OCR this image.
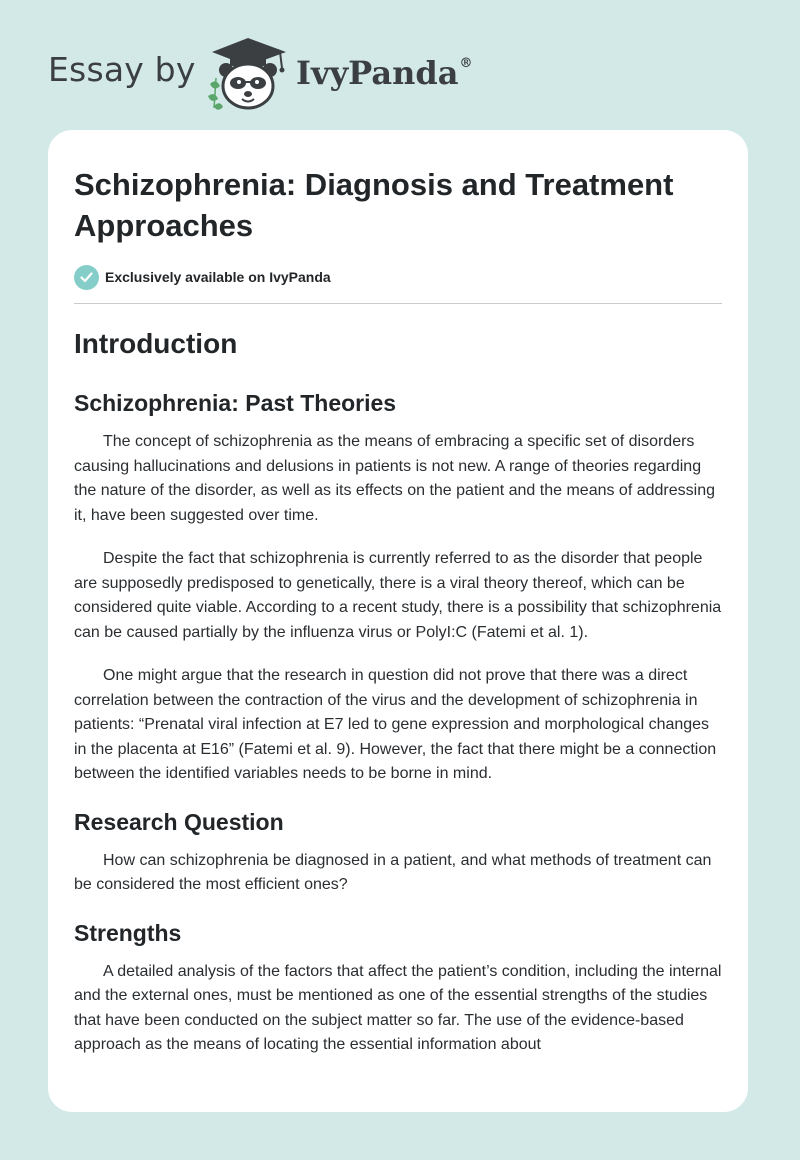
Essay by	IvyPanda®
Schizophrenia: Diagnosis and Treatment Approaches
Exclusively available on IvyPanda
Introduction
Schizophrenia: Past Theories

The concept of schizophrenia as the means of embracing a specific set of disorders causing hallucinations and delusions in patients is not new. A range of theories regarding the nature of the disorder, as well as its effects on the patient and the means of addressing it, have been suggested over time.

Despite the fact that schizophrenia is currently referred to as the disorder that people are supposedly predisposed to genetically, there is a viral theory thereof, which can be considered quite viable. According to a recent study, there is a possibility that schizophrenia can be caused partially by the influenza virus or PolyI:C (Fatemi et al. 1).

One might argue that the research in question did not prove that there was a direct correlation between the contraction of the virus and the development of schizophrenia in patients: “Prenatal viral infection at E7 led to gene expression and morphological changes in the placenta at E16” (Fatemi et al. 9). However, the fact that there might be a connection between the identified variables needs to be borne in mind.

Research Question

How can schizophrenia be diagnosed in a patient, and what methods of treatment can be considered the most efficient ones?

Strengths

A detailed analysis of the factors that affect the patient’s condition, including the internal and the external ones, must be mentioned as one of the essential strengths of the studies that have been conducted on the subject matter so far. The use of the evidence-based approach as the means of locating the essential information about
